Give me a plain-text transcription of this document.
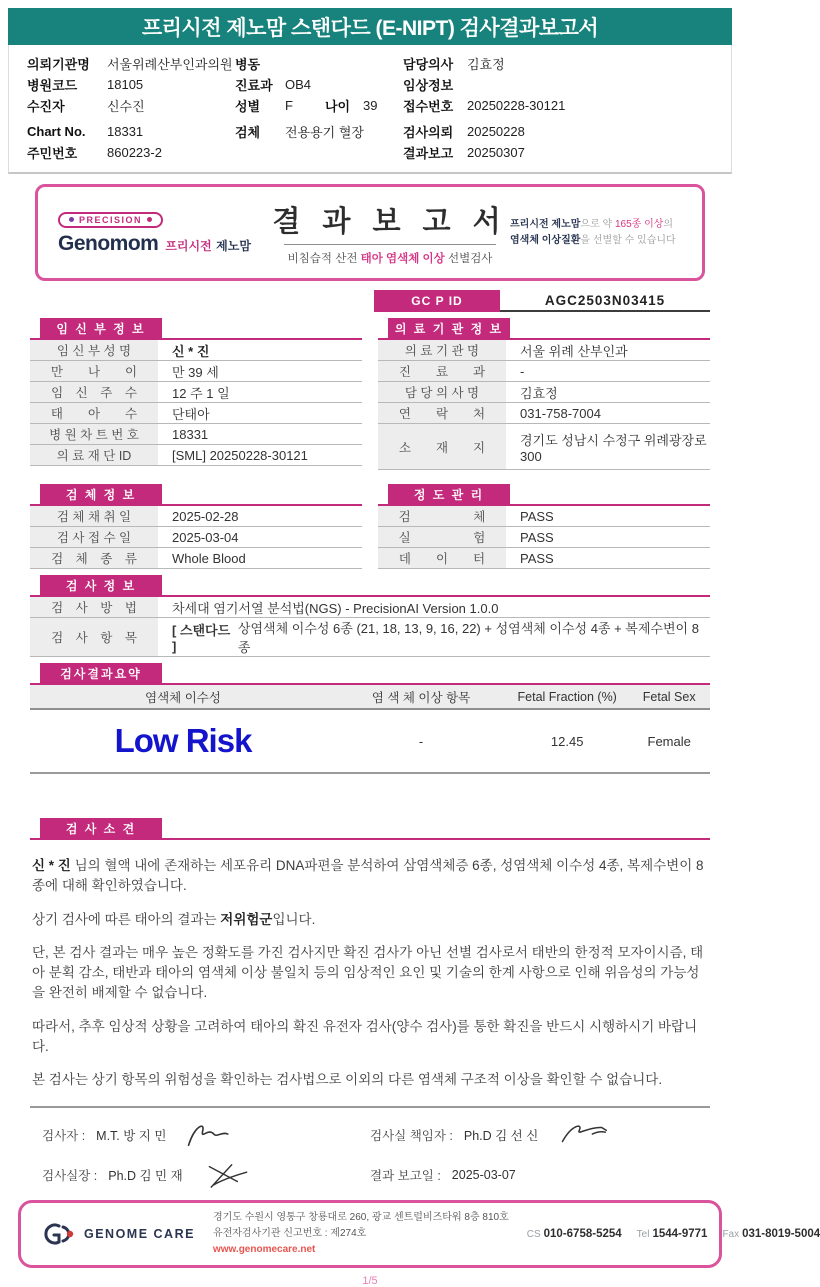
프리시전 제노맘 스탠다드 (E-NIPT) 검사결과보고서
의뢰기관명	서울위례산부인과의원
병원코드	18105
수진자	신수진
Chart No.	18331
주민번호	860223-2
병동
진료과 OB4
성별	F	나이 39
검체	전용용기 혈장
담당의사	김효정
임상정보
접수번호	20250228-30121
검사의뢰	20250228
결과보고	20250307
PRECISION
Genomom 프리시전 제노맘
결 과 보 고 서
비침습적 산전 태아 염색체 이상 선별검사
프리시전 제노맘으로 약 165종 이상의
염색체 이상질환을 선별할 수 있습니다
GC P ID	AGC2503N03415
임 신 부 정 보
임 신 부 성 명	신 * 진
만  나  이	만 39 세
임 신 주 수	12 주 1 일
태  아  수	단태아
병 원 차 트 번 호	18331
의 료 재 단 ID	[SML] 20250228-30121
의 료 기 관 정 보
의 료 기 관 명	서울 위례 산부인과
진  료  과	-
담 당 의 사 명	김효정
연  락  처	031-758-7004
소  재  지	경기도 성남시 수정구 위례광장로 300
검 체 정 보
검 체 채 취 일	2025-02-28
검 사 접 수 일	2025-03-04
검 체 종 류	Whole Blood
정 도 관 리
검     체	PASS
실     험	PASS
데  이  터	PASS
검 사 정 보
검 사 방 법	차세대 염기서열 분석법(NGS) - PrecisionAI Version 1.0.0
검 사 항 목	[ 스탠다드 ]
상염색체 이수성 6종 (21, 18, 13, 9, 16, 22) + 성염색체 이수성 4종 + 복제수변이 8종
검사결과요약
염색체 이수성	염 색 체 이상 항목	Fetal Fraction (%)	Fetal Sex
Low Risk	-	12.45	Female
검 사 소 견

신 * 진 님의 혈액 내에 존재하는 세포유리 DNA파편을 분석하여 삼염색체증 6종, 성염색체 이수성 4종, 복제수변이 8종에 대해 확인하였습니다.

상기 검사에 따른 태아의 결과는 저위험군입니다.

단, 본 검사 결과는 매우 높은 정확도를 가진 검사지만 확진 검사가 아닌 선별 검사로서 태반의 한정적 모자이시즘, 태아 분획 감소, 태반과 태아의 염색체 이상 불일치 등의 임상적인 요인 및 기술의 한계 사항으로 인해 위음성의 가능성을 완전히 배제할 수 없습니다.

따라서, 추후 임상적 상황을 고려하여 태아의 확진 유전자 검사(양수 검사)를 통한 확진을 반드시 시행하시기 바랍니다.

본 검사는 상기 항목의 위험성을 확인하는 검사법으로 이외의 다른 염색체 구조적 이상을 확인할 수 없습니다.

검사자 : M.T. 방 지 민	검사실 책임자 : Ph.D 김 선 신
검사실장 : Ph.D 김 민 재	결과 보고일 : 2025-03-07
GENOME CARE
경기도 수원시 영통구 창룡대로 260, 광교 센트럴비즈타워 8층 810호
유전자검사기관 신고번호 : 제274호
www.genomecare.net
CS 010-6758-5254 Tel 1544-9771 Fax 031-8019-5004
1/5
